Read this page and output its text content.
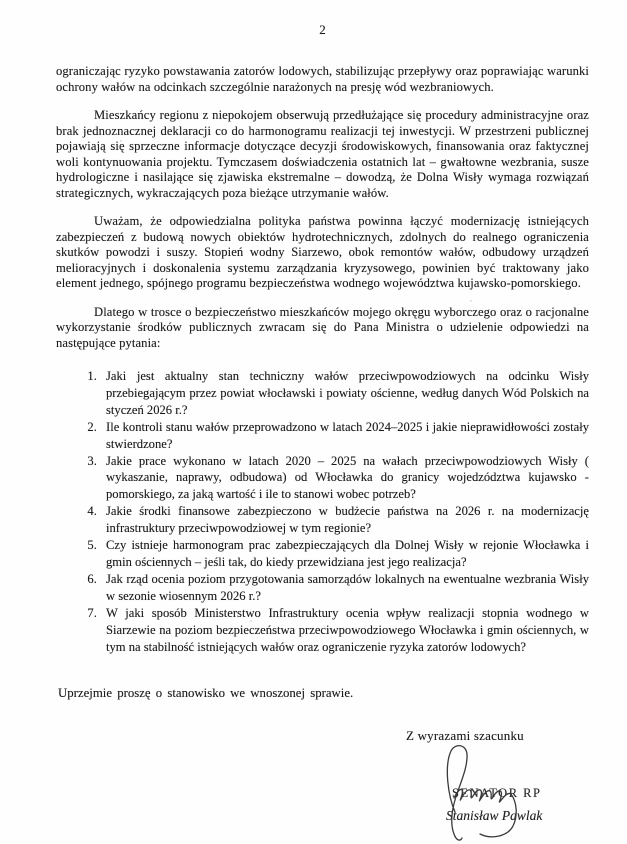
2

ograniczając ryzyko powstawania zatorów lodowych, stabilizując przepływy oraz poprawiając warunki ochrony wałów na odcinkach szczególnie narażonych na presję wód wezbraniowych.

Mieszkańcy regionu z niepokojem obserwują przedłużające się procedury administracyjne oraz brak jednoznacznej deklaracji co do harmonogramu realizacji tej inwestycji. W przestrzeni publicznej pojawiają się sprzeczne informacje dotyczące decyzji środowiskowych, finansowania oraz faktycznej woli kontynuowania projektu. Tymczasem doświadczenia ostatnich lat – gwałtowne wezbrania, susze hydrologiczne i nasilające się zjawiska ekstremalne – dowodzą, że Dolna Wisły wymaga rozwiązań strategicznych, wykraczających poza bieżące utrzymanie wałów.

Uważam, że odpowiedzialna polityka państwa powinna łączyć modernizację istniejących zabezpieczeń z budową nowych obiektów hydrotechnicznych, zdolnych do realnego ograniczenia skutków powodzi i suszy. Stopień wodny Siarzewo, obok remontów wałów, odbudowy urządzeń melioracyjnych i doskonalenia systemu zarządzania kryzysowego, powinien być traktowany jako element jednego, spójnego programu bezpieczeństwa wodnego województwa kujawsko-pomorskiego.

Dlatego w trosce o bezpieczeństwo mieszkańców mojego okręgu wyborczego oraz o racjonalne wykorzystanie środków publicznych zwracam się do Pana Ministra o udzielenie odpowiedzi na następujące pytania:

1. Jaki jest aktualny stan techniczny wałów przeciwpowodziowych na odcinku Wisły przebiegającym przez powiat włocławski i powiaty ościenne, według danych Wód Polskich na styczeń 2026 r.?
2. Ile kontroli stanu wałów przeprowadzono w latach 2024–2025 i jakie nieprawidłowości zostały stwierdzone?
3. Jakie prace wykonano w latach 2020 – 2025 na wałach przeciwpowodziowych Wisły ( wykaszanie, naprawy, odbudowa) od Włocławka do granicy wojedzództwa kujawsko - pomorskiego, za jaką wartość i ile to stanowi wobec potrzeb?
4. Jakie środki finansowe zabezpieczono w budżecie państwa na 2026 r. na modernizację infrastruktury przeciwpowodziowej w tym regionie?
5. Czy istnieje harmonogram prac zabezpieczających dla Dolnej Wisły w rejonie Włocławka i gmin ościennych – jeśli tak, do kiedy przewidziana jest jego realizacja?
6. Jak rząd ocenia poziom przygotowania samorządów lokalnych na ewentualne wezbrania Wisły w sezonie wiosennym 2026 r.?
7. W jaki sposób Ministerstwo Infrastruktury ocenia wpływ realizacji stopnia wodnego w Siarzewie na poziom bezpieczeństwa przeciwpowodziowego Włocławka i gmin ościennych, w tym na stabilność istniejących wałów oraz ograniczenie ryzyka zatorów lodowych?

Uprzejmie proszę o stanowisko we wnoszonej sprawie.

Z wyrazami szacunku
SENATOR RP
Stanisław Pawlak
